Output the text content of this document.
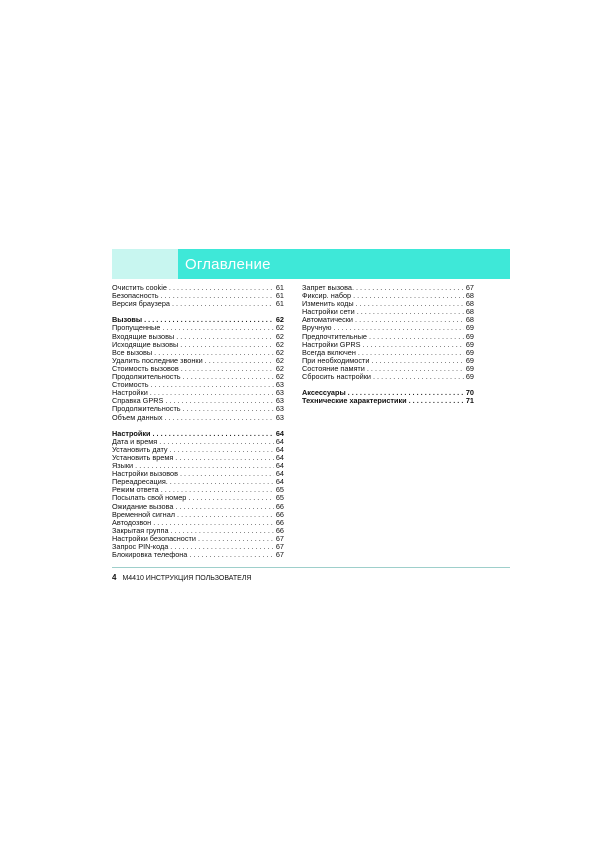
Оглавление
Очистить cookie . . .	61
Безопасность . . .	61
Версия браузера . . .	61
Вызовы . . .	62
Пропущенные . . .	62
Входящие вызовы . . .	62
Исходящие вызовы . . .	62
Все вызовы . . .	62
Удалить последние звонки . . .	62
Стоимость вызовов . . .	62
Продолжительность . . .	62
Стоимость . . .	63
Настройки . . .	63
Справка GPRS . . .	63
Продолжительность . . .	63
Объем данных . . .	63
Настройки . . .	64
Дата и время . . .	64
Установить дату . . .	64
Установить время . . .	64
Языки . . .	64
Настройки вызовов . . .	64
Переадресация. . . .	64
Режим ответа . . .	65
Посылать свой номер . . .	65
Ожидание вызова . . .	66
Временной сигнал . . .	66
Автодозвон . . .	66
Закрытая группа . . .	66
Настройки безопасности . . .	67
Запрос PIN-кода . . .	67
Блокировка телефона . . .	67
Запрет вызова. . . .	67
Фиксир. набор . . .	68
Изменить коды . . .	68
Настройки сети . . .	68
Автоматически . . .	68
Вручную . . .	69
Предпочтительные . . .	69
Настройки GPRS . . .	69
Всегда включен . . .	69
При необходимости . . .	69
Состояние памяти . . .	69
Сбросить настройки . . .	69
Аксессуары . . .	70
Технические характеристики . . .	71
4 M4410 ИНСТРУКЦИЯ ПОЛЬЗОВАТЕЛЯ
